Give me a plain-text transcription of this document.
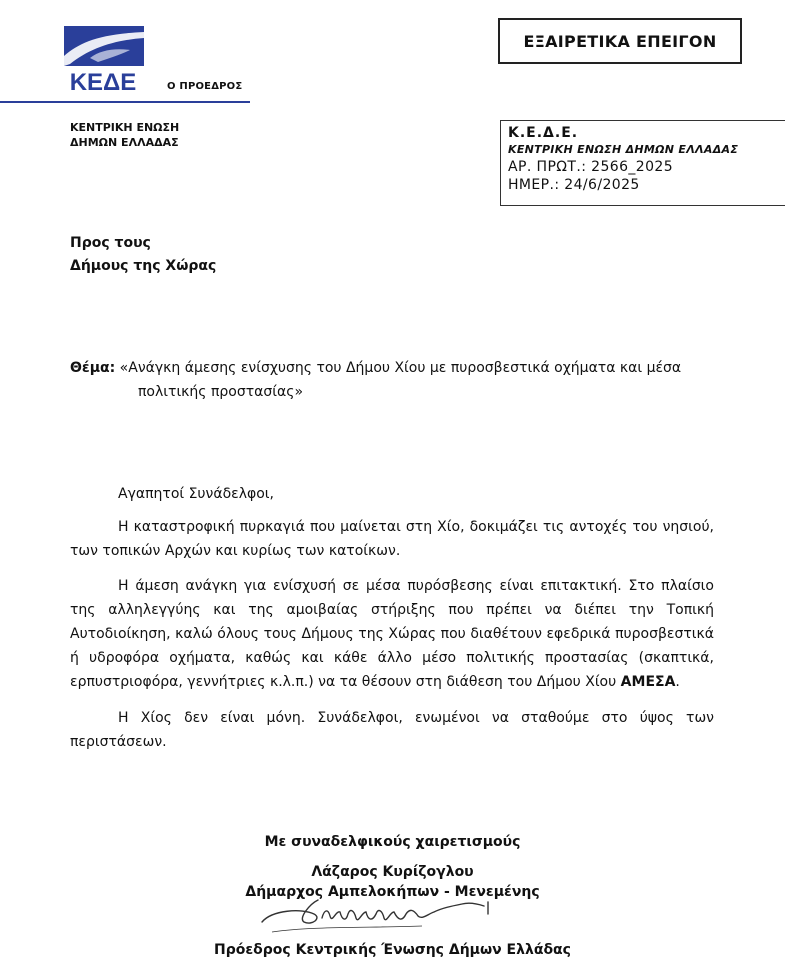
ΚΕΔΕ	Ο ΠΡΟΕΔΡΟΣ
ΕΞΑΙΡΕΤΙΚΑ ΕΠΕΙΓΟΝ
ΚΕΝΤΡΙΚΗ ΕΝΩΣΗ
ΔΗΜΩΝ ΕΛΛΑΔΑΣ
Κ.Ε.Δ.Ε.
ΚΕΝΤΡΙΚΗ ΕΝΩΣΗ ΔΗΜΩΝ ΕΛΛΑΔΑΣ
ΑΡ. ΠΡΩΤ.: 2566_2025
ΗΜΕΡ.: 24/6/2025
Προς τους
Δήμους της Χώρας
Θέμα: «Ανάγκη άμεσης ενίσχυσης του Δήμου Χίου με πυροσβεστικά οχήματα και μέσα
πολιτικής προστασίας»
Αγαπητοί Συνάδελφοι,
Η καταστροφική πυρκαγιά που μαίνεται στη Χίο, δοκιμάζει τις αντοχές του νησιού, των τοπικών Αρχών και κυρίως των κατοίκων.
Η άμεση ανάγκη για ενίσχυσή σε μέσα πυρόσβεσης είναι επιτακτική. Στο πλαίσιο της αλληλεγγύης και της αμοιβαίας στήριξης που πρέπει να διέπει την Τοπική Αυτοδιοίκηση, καλώ όλους τους Δήμους της Χώρας που διαθέτουν εφεδρικά πυροσβεστικά ή υδροφόρα οχήματα, καθώς και κάθε άλλο μέσο πολιτικής προστασίας (σκαπτικά, ερπυστριοφόρα, γεννήτριες κ.λ.π.) να τα θέσουν στη διάθεση του Δήμου Χίου ΑΜΕΣΑ.
Η Χίος δεν είναι μόνη. Συνάδελφοι, ενωμένοι να σταθούμε στο ύψος των περιστάσεων.
Με συναδελφικούς χαιρετισμούς
Λάζαρος Κυρίζογλου
Δήμαρχος Αμπελοκήπων - Μενεμένης
Πρόεδρος Κεντρικής Ένωσης Δήμων Ελλάδας
